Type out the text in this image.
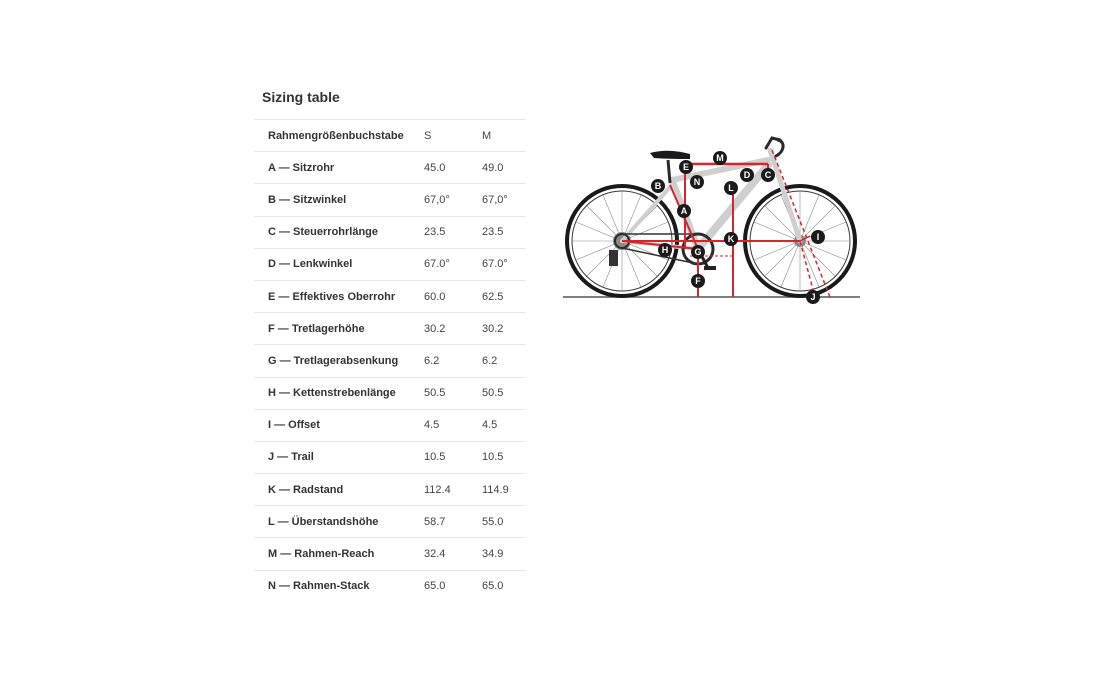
Sizing table
Rahmengrößenbuchstabe	S	M
A — Sitzrohr	45.0	49.0
B — Sitzwinkel	67,0°	67,0°
C — Steuerrohrlänge	23.5	23.5
D — Lenkwinkel	67.0°	67.0°
E — Effektives Oberrohr	60.0	62.5
F — Tretlagerhöhe	30.2	30.2
G — Tretlagerabsenkung	6.2	6.2
H — Kettenstrebenlänge	50.5	50.5
I — Offset	4.5	4.5
J — Trail	10.5	10.5
K — Radstand	112.4	114.9
L — Überstandshöhe	58.7	55.0
M — Rahmen-Reach	32.4	34.9
N — Rahmen-Stack	65.0	65.0
A
B
C
D
E
F
G
H
I
J
K
L
M
N
